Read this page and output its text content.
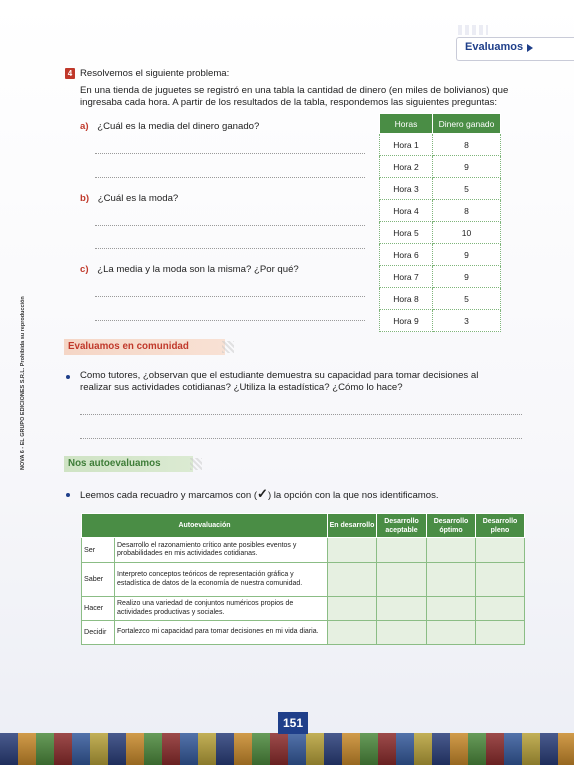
Evaluamos
NOVA 6 - EL GRUPO EDICIONES S.R.L. Prohibida su reproducción
4 Resolvemos el siguiente problema:
En una tienda de juguetes se registró en una tabla la cantidad de dinero (en miles de bolivianos) que
ingresaba cada hora. A partir de los resultados de la tabla, respondemos las siguientes preguntas:
a) ¿Cuál es la media del dinero ganado?
b) ¿Cuál es la moda?
c) ¿La media y la moda son la misma? ¿Por qué?
Horas	Dinero ganado
Hora 1	8
Hora 2	9
Hora 3	5
Hora 4	8
Hora 5	10
Hora 6	9
Hora 7	9
Hora 8	5
Hora 9	3
Evaluamos en comunidad
Como tutores, ¿observan que el estudiante demuestra su capacidad para tomar decisiones al
realizar sus actividades cotidianas? ¿Utiliza la estadística? ¿Cómo lo hace?
Nos autoevaluamos
Leemos cada recuadro y marcamos con (✓) la opción con la que nos identificamos.
Autoevaluación		En desarrollo	Desarrollo aceptable	Desarrollo óptimo	Desarrollo pleno
Ser	Desarrollo el razonamiento crítico ante posibles eventos y probabilidades en mis actividades cotidianas.				
Saber	Interpreto conceptos teóricos de representación gráfica y estadística de datos de la economía de nuestra comunidad.				
Hacer	Realizo una variedad de conjuntos numéricos propios de actividades productivas y sociales.				
Decidir	Fortalezco mi capacidad para tomar decisiones en mi vida diaria.				
151
